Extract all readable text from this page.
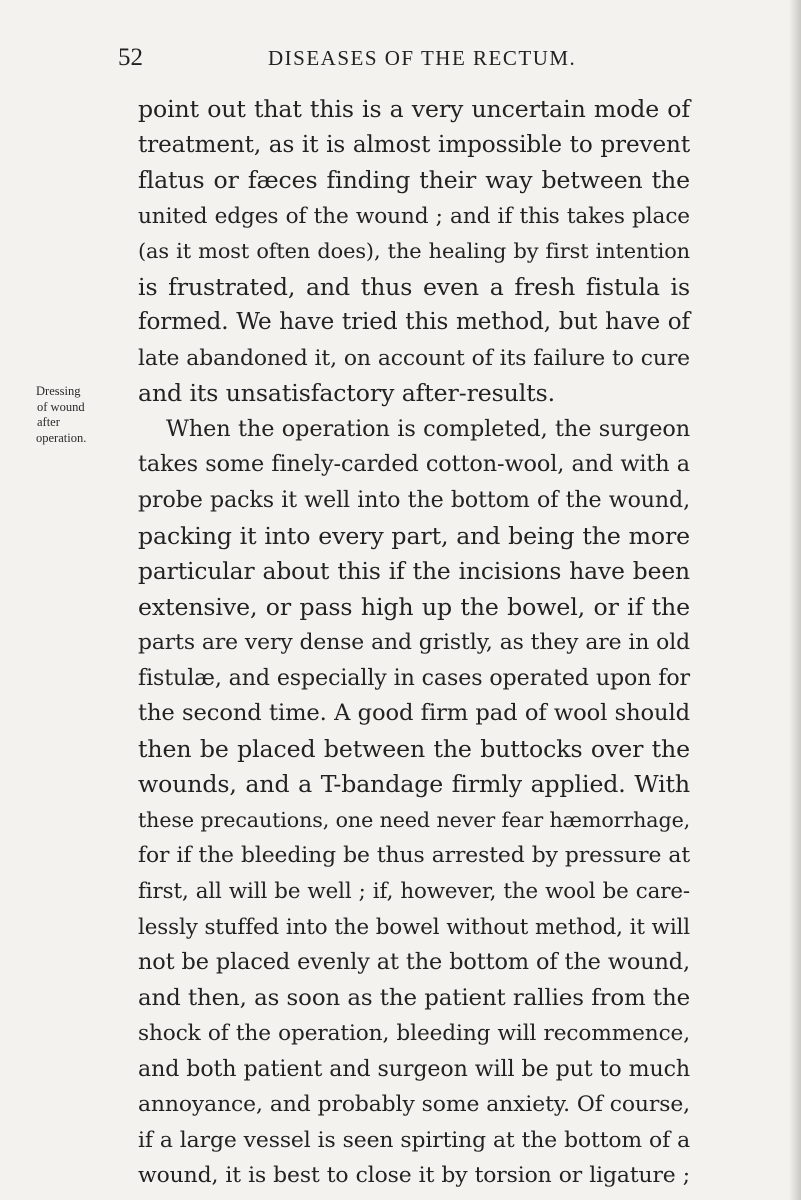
52	DISEASES OF THE RECTUM.
Dressing
of wound
after
operation.
point out that this is a very uncertain mode of
treatment, as it is almost impossible to prevent
flatus or fæces finding their way between the
united edges of the wound ; and if this takes place
(as it most often does), the healing by first intention
is frustrated, and thus even a fresh fistula is
formed. We have tried this method, but have of
late abandoned it, on account of its failure to cure
and its unsatisfactory after-results.
When the operation is completed, the surgeon
takes some finely-carded cotton-wool, and with a
probe packs it well into the bottom of the wound,
packing it into every part, and being the more
particular about this if the incisions have been
extensive, or pass high up the bowel, or if the
parts are very dense and gristly, as they are in old
fistulæ, and especially in cases operated upon for
the second time. A good firm pad of wool should
then be placed between the buttocks over the
wounds, and a T-bandage firmly applied. With
these precautions, one need never fear hæmorrhage,
for if the bleeding be thus arrested by pressure at
first, all will be well ; if, however, the wool be care-
lessly stuffed into the bowel without method, it will
not be placed evenly at the bottom of the wound,
and then, as soon as the patient rallies from the
shock of the operation, bleeding will recommence,
and both patient and surgeon will be put to much
annoyance, and probably some anxiety. Of course,
if a large vessel is seen spirting at the bottom of a
wound, it is best to close it by torsion or ligature ;
